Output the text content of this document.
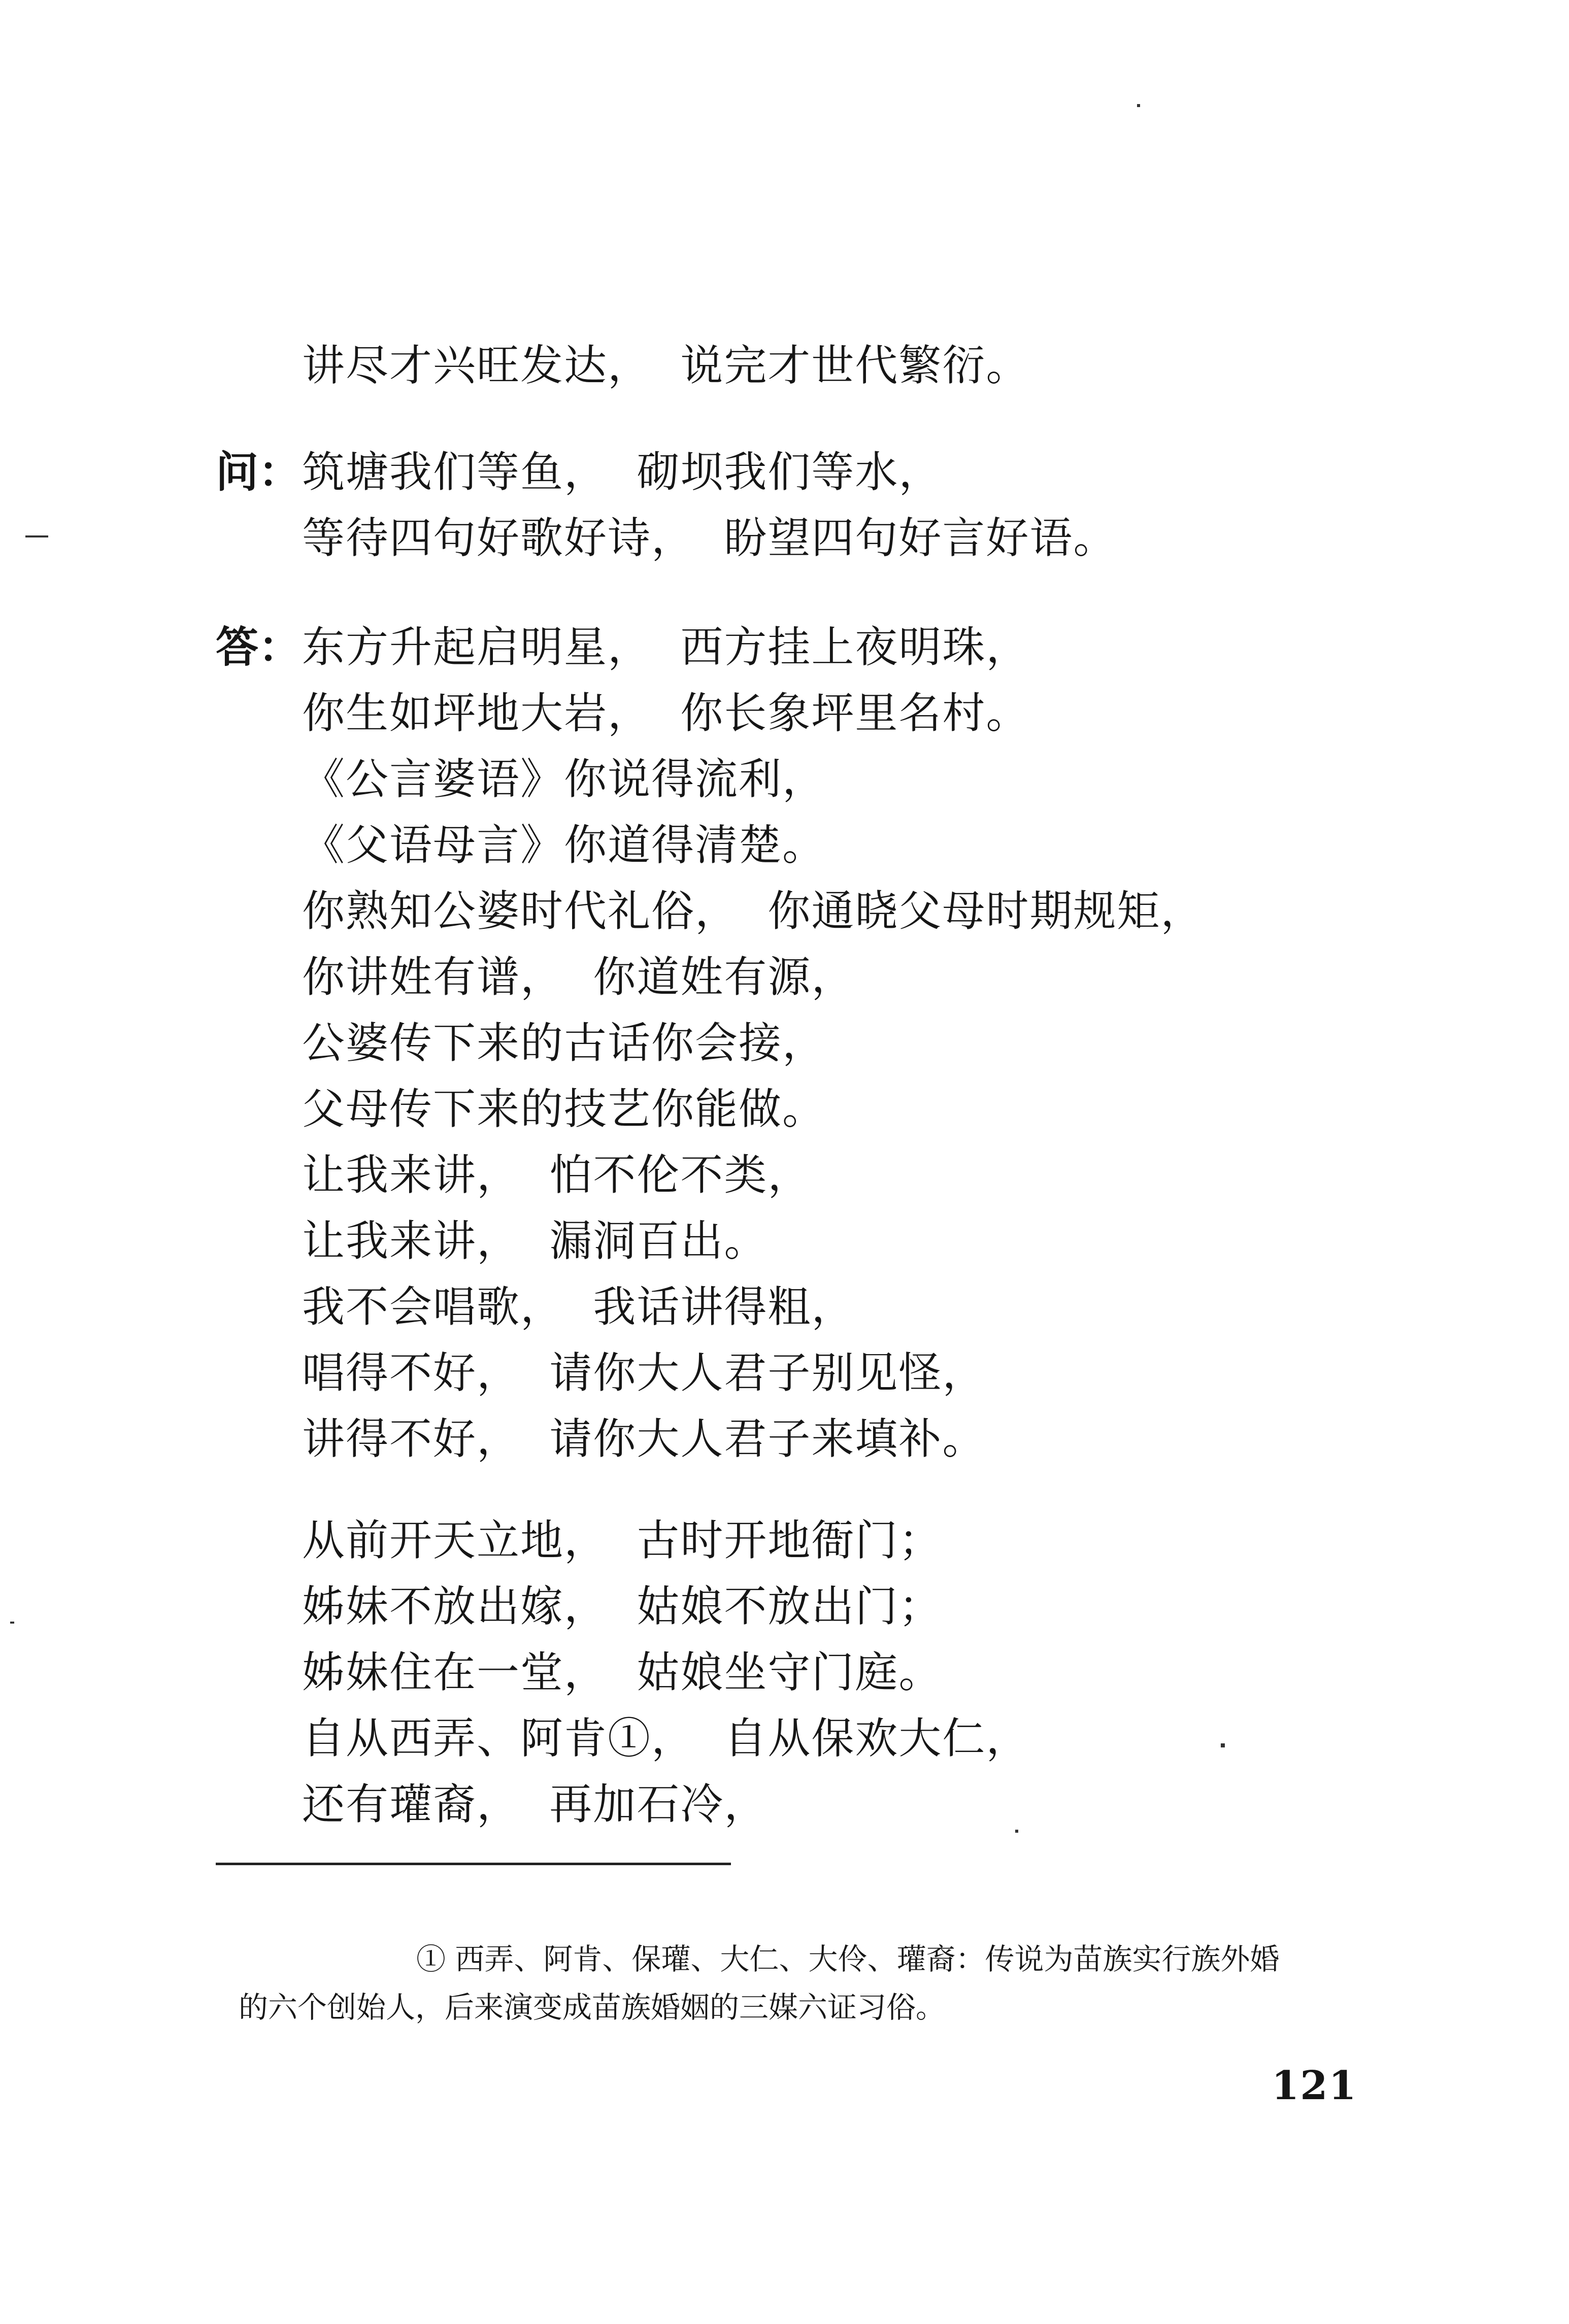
讲尽才兴旺发达，  说完才世代繁衍。
问： 筑塘我们等鱼，  砌坝我们等水，
等待四句好歌好诗，  盼望四句好言好语。
答： 东方升起启明星，  西方挂上夜明珠，
你生如坪地大岩，  你长象坪里名村。
《公言婆语》你说得流利，
《父语母言》你道得清楚。
你熟知公婆时代礼俗，  你通晓父母时期规矩，
你讲姓有谱，  你道姓有源，
公婆传下来的古话你会接，
父母传下来的技艺你能做。
让我来讲，  怕不伦不类，
让我来讲，  漏洞百出。
我不会唱歌，  我话讲得粗，
唱得不好，  请你大人君子别见怪，
讲得不好，  请你大人君子来填补。
从前开天立地，  古时开地衙门；
姊妹不放出嫁，  姑娘不放出门；
姊妹住在一堂，  姑娘坐守门庭。
自从西弄、阿肯①，  自从保欢大仁，
还有瓘裔，  再加石冷，
① 西弄、阿肯、保瓘、大仁、大伶、瓘裔：传说为苗族实行族外婚
的六个创始人，后来演变成苗族婚姻的三媒六证习俗。
121
